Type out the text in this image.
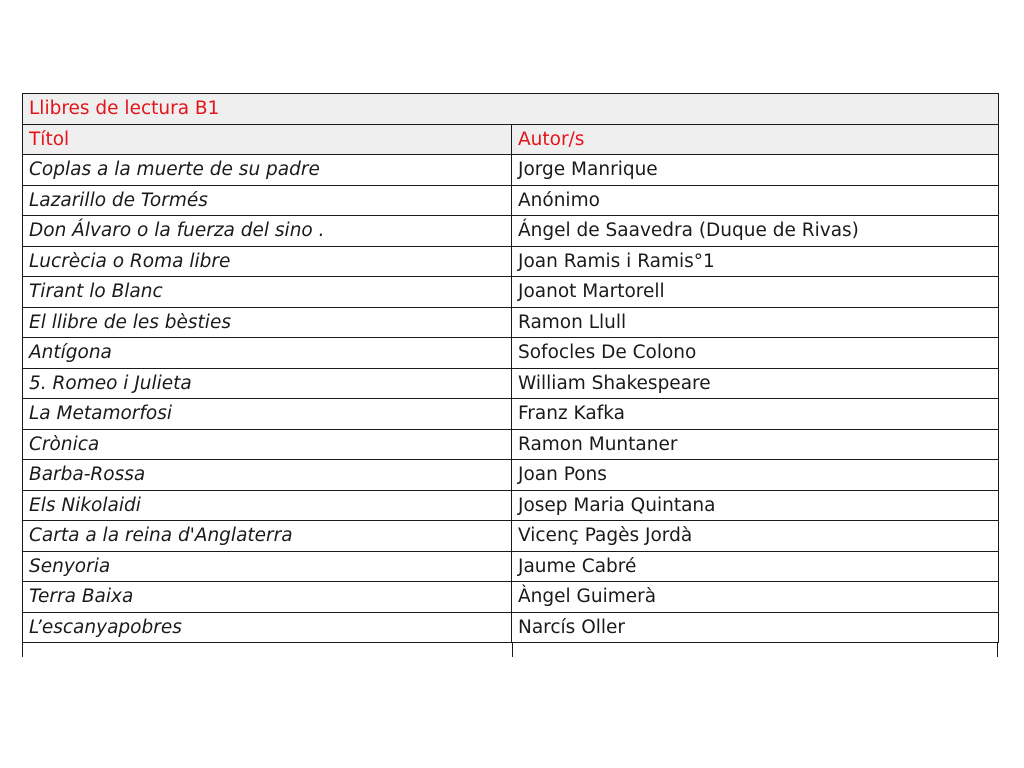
Llibres de lectura B1	
Títol	Autor/s
Coplas a la muerte de su padre	Jorge Manrique
Lazarillo de Tormés	Anónimo
Don Álvaro o la fuerza del sino .	Ángel de Saavedra (Duque de Rivas)
Lucrècia o Roma libre	Joan Ramis i Ramis°1
Tirant lo Blanc	Joanot Martorell
El llibre de les bèsties	Ramon Llull
Antígona	Sofocles De Colono
5. Romeo i Julieta	William Shakespeare
La Metamorfosi	Franz Kafka
Crònica	Ramon Muntaner
Barba-Rossa	Joan Pons
Els Nikolaidi	Josep Maria Quintana
Carta a la reina d'Anglaterra	Vicenç Pagès Jordà
Senyoria	Jaume Cabré
Terra Baixa	Àngel Guimerà
L’escanyapobres	Narcís Oller
